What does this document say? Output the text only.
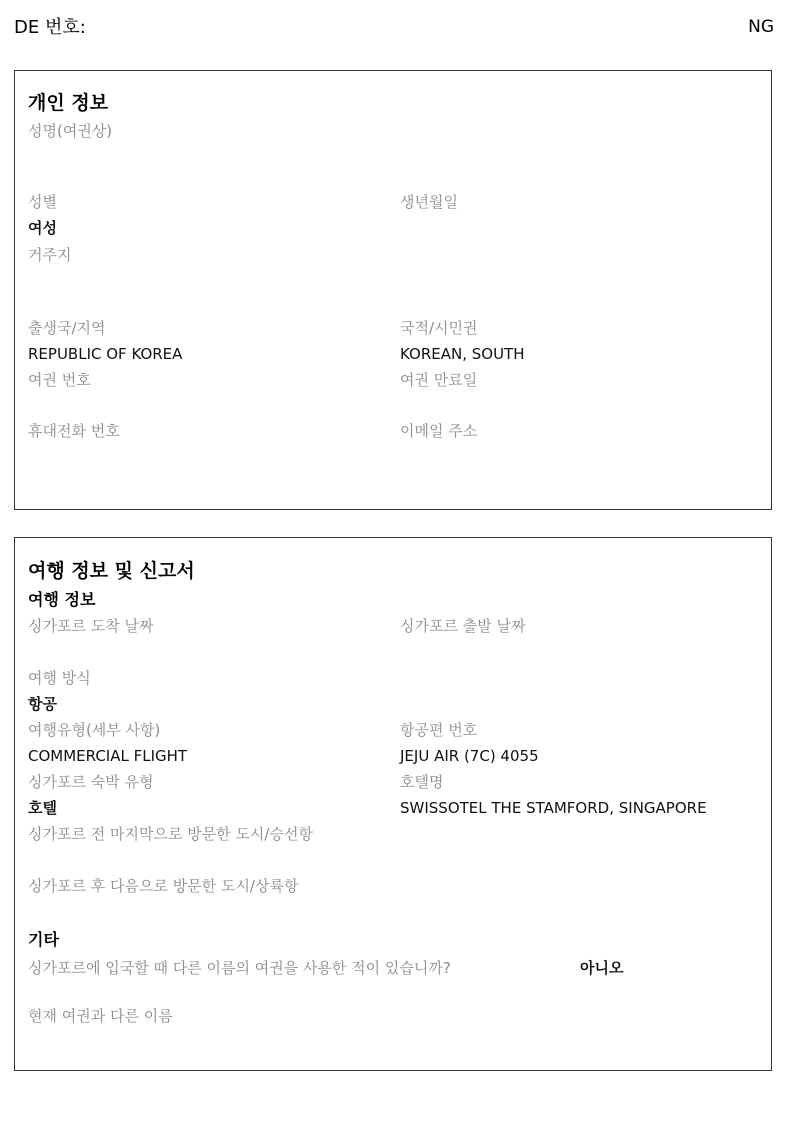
DE 번호:	NG
개인 정보
성명(여권상)
성별	생년월일
여성
거주지
출생국/지역	국적/시민권
REPUBLIC OF KOREA	KOREAN, SOUTH
여권 번호	여권 만료일
휴대전화 번호	이메일 주소
여행 정보 및 신고서
여행 정보
싱가포르 도착 날짜	싱가포르 출발 날짜
여행 방식
항공
여행유형(세부 사항)	항공편 번호
COMMERCIAL FLIGHT	JEJU AIR (7C) 4055
싱가포르 숙박 유형	호텔명
호텔	SWISSOTEL THE STAMFORD, SINGAPORE
싱가포르 전 마지막으로 방문한 도시/승선항
싱가포르 후 다음으로 방문한 도시/상륙항
기타
싱가포르에 입국할 때 다른 이름의 여권을 사용한 적이 있습니까?	아니오
현재 여권과 다른 이름
